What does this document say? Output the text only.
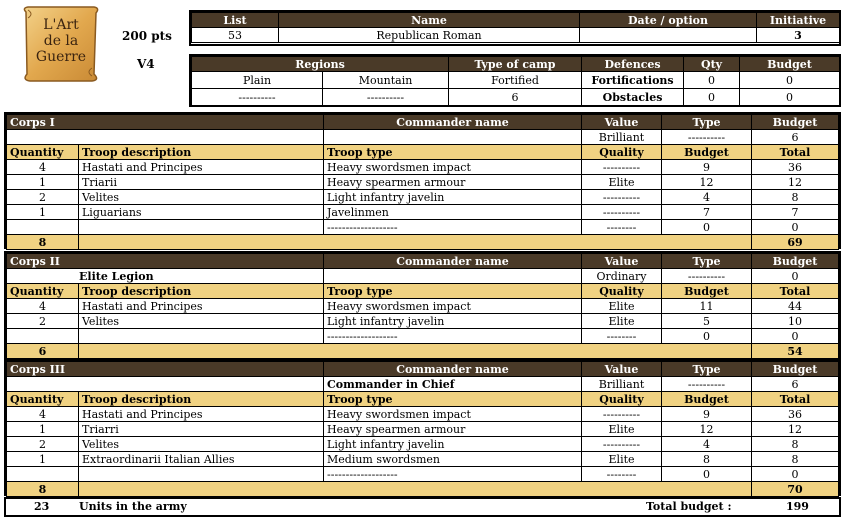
L'Art
de la
Guerre
200 pts
V4
List	Name	Date / option	Initiative
53	Republican Roman		3
Regions		Type of camp	Defences	Qty	Budget
Plain	Mountain	Fortified	Fortifications	0	0
----------	----------	6	Obstacles	0	0
Corps I		Commander name	Value	Type	Budget
			Brilliant	----------	6
Quantity	Troop description	Troop type	Quality	Budget	Total
4	Hastati and Principes	Heavy swordsmen impact	----------	9	36
1	Triarii	Heavy spearmen armour	Elite	12	12
2	Velites	Light infantry javelin	----------	4	8
1	Liguarians	Javelinmen	----------	7	7
		-------------------	--------	0	0
8					69
Corps II		Commander name	Value	Type	Budget
Elite Legion			Ordinary	----------	0
Quantity	Troop description	Troop type	Quality	Budget	Total
4	Hastati and Principes	Heavy swordsmen impact	Elite	11	44
2	Velites	Light infantry javelin	Elite	5	10
		-------------------	--------	0	0
6					54
Corps III		Commander name	Value	Type	Budget
		Commander in Chief	Brilliant	----------	6
Quantity	Troop description	Troop type	Quality	Budget	Total
4	Hastati and Principes	Heavy swordsmen impact	----------	9	36
1	Triarri	Heavy spearmen armour	Elite	12	12
2	Velites	Light infantry javelin	----------	4	8
1	Extraordinarii Italian Allies	Medium swordsmen	Elite	8	8
		-------------------	--------	0	0
8					70
23	Units in the army	Total budget :	199
